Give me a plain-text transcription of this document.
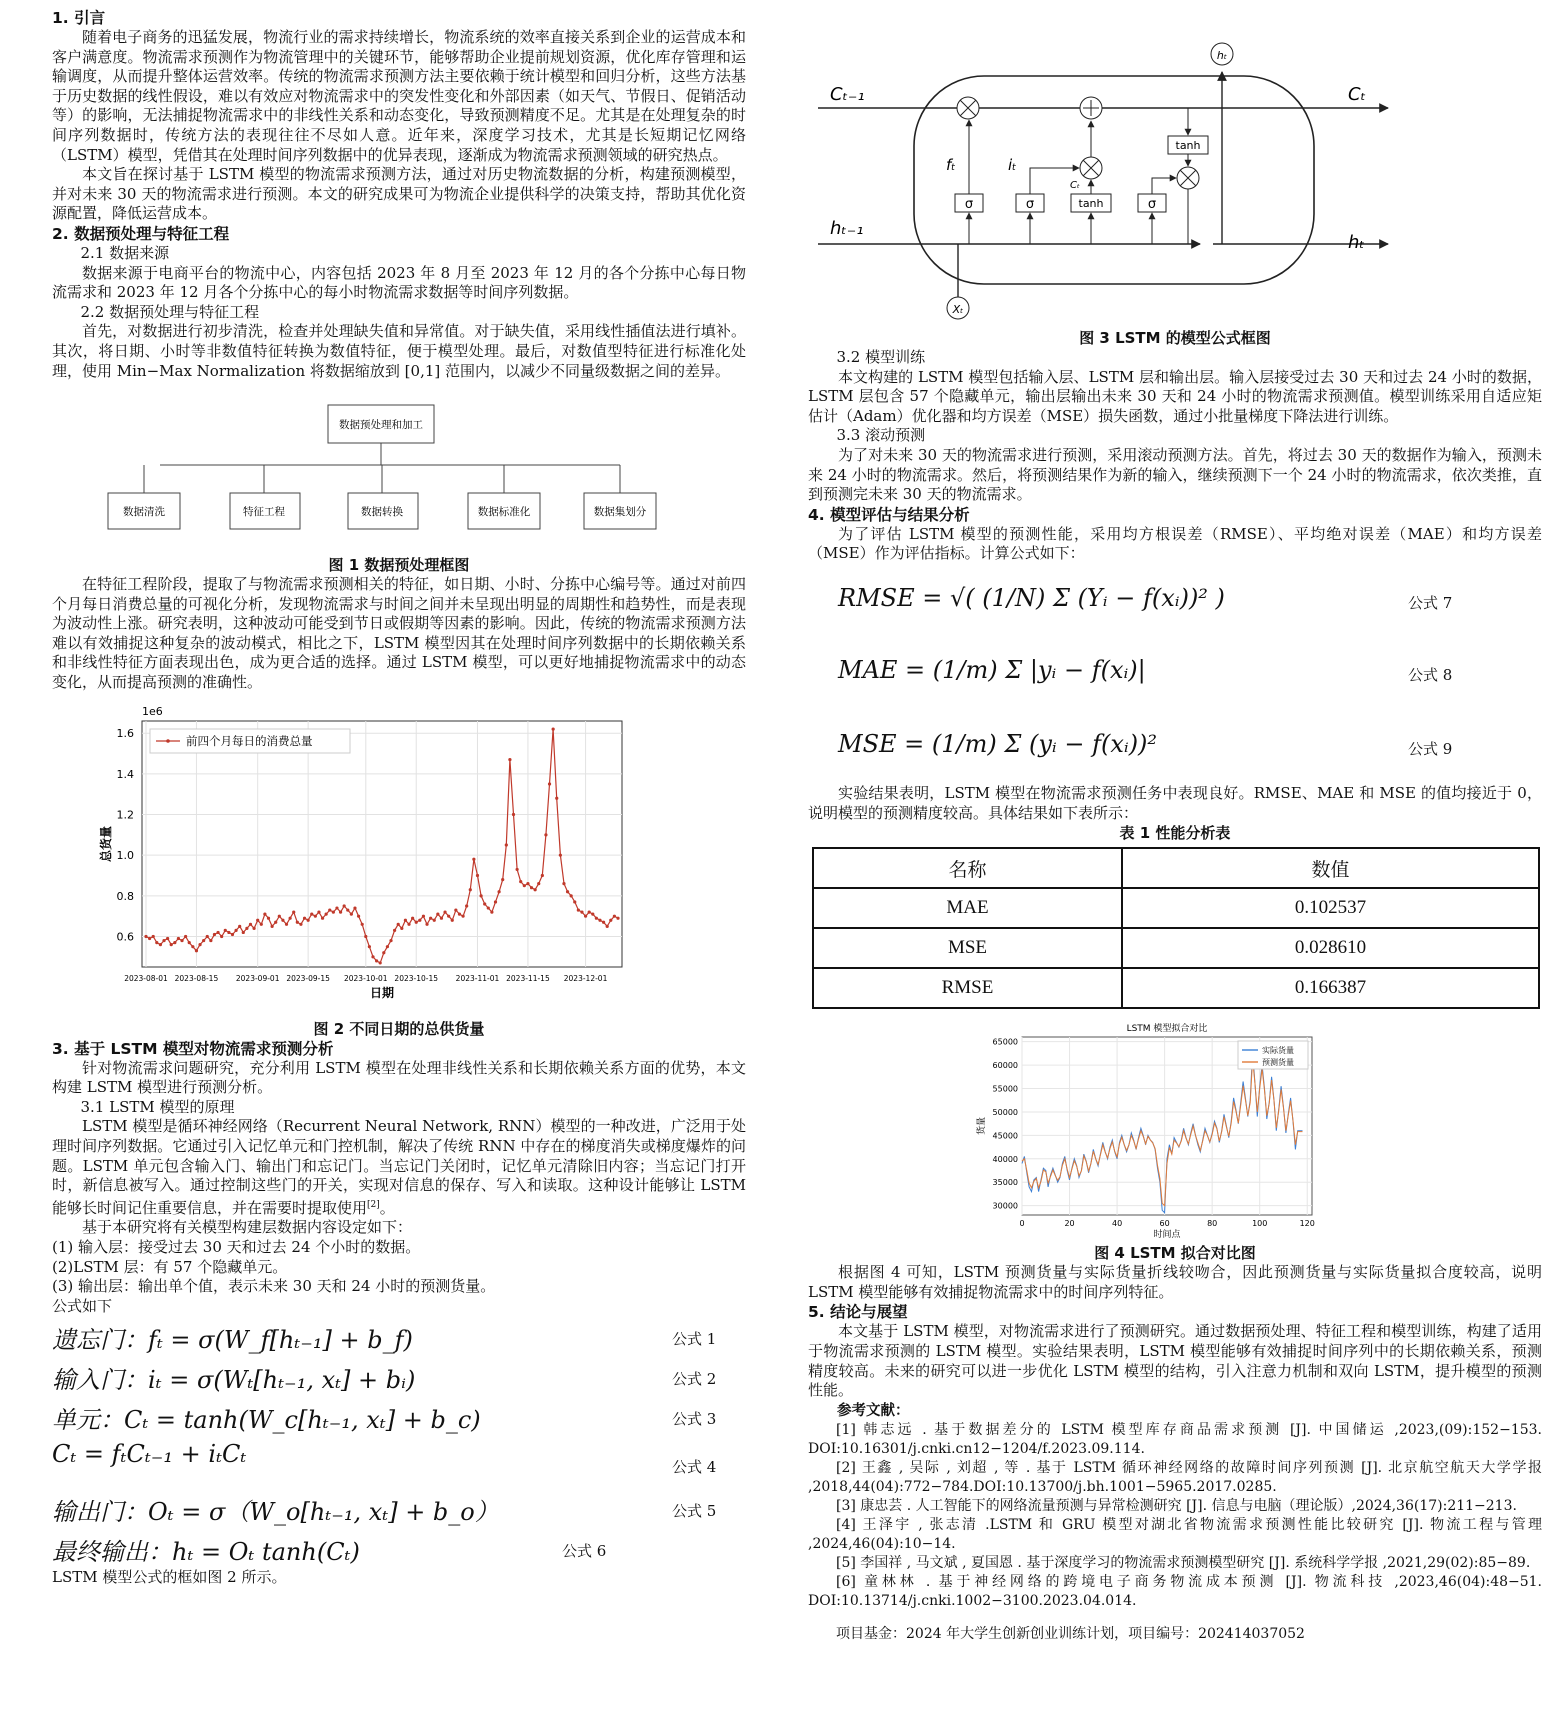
1. 引言

随着电子商务的迅猛发展，物流行业的需求持续增长，物流系统的效率直接关系到企业的运营成本和客户满意度。物流需求预测作为物流管理中的关键环节，能够帮助企业提前规划资源，优化库存管理和运输调度，从而提升整体运营效率。传统的物流需求预测方法主要依赖于统计模型和回归分析，这些方法基于历史数据的线性假设，难以有效应对物流需求中的突发性变化和外部因素（如天气、节假日、促销活动等）的影响，无法捕捉物流需求中的非线性关系和动态变化，导致预测精度不足。尤其是在处理复杂的时间序列数据时，传统方法的表现往往不尽如人意。近年来，深度学习技术，尤其是长短期记忆网络（LSTM）模型，凭借其在处理时间序列数据中的优异表现，逐渐成为物流需求预测领域的研究热点。

本文旨在探讨基于 LSTM 模型的物流需求预测方法，通过对历史物流数据的分析，构建预测模型，并对未来 30 天的物流需求进行预测。本文的研究成果可为物流企业提供科学的决策支持，帮助其优化资源配置，降低运营成本。

2. 数据预处理与特征工程
2.1 数据来源

数据来源于电商平台的物流中心，内容包括 2023 年 8 月至 2023 年 12 月的各个分拣中心每日物流需求和 2023 年 12 月各个分拣中心的每小时物流需求数据等时间序列数据。

2.2 数据预处理与特征工程

首先，对数据进行初步清洗，检查并处理缺失值和异常值。对于缺失值，采用线性插值法进行填补。其次，将日期、小时等非数值特征转换为数值特征，便于模型处理。最后，对数值型特征进行标准化处理，使用 Min−Max Normalization 将数据缩放到 [0,1] 范围内，以减少不同量级数据之间的差异。

数据预处理和加工
数据清洗	特征工程	数据转换	数据标准化	数据集划分
图 1 数据预处理框图

在特征工程阶段，提取了与物流需求预测相关的特征，如日期、小时、分拣中心编号等。通过对前四个月每日消费总量的可视化分析，发现物流需求与时间之间并未呈现出明显的周期性和趋势性，而是表现为波动性上涨。研究表明，这种波动可能受到节日或假期等因素的影响。因此，传统的物流需求预测方法难以有效捕捉这种复杂的波动模式，相比之下，LSTM 模型因其在处理时间序列数据中的长期依赖关系和非线性特征方面表现出色，成为更合适的选择。通过 LSTM 模型，可以更好地捕捉物流需求中的动态变化，从而提高预测的准确性。

0.6
0.8
1.0
1.2
1.4
1.6
2023-08-01 2023-08-15 2023-09-01 2023-09-15 2023-10-01 2023-10-15 2023-11-01 2023-11-15 2023-12-01
1e6
日期
总货量
前四个月每日的消费总量
图 2 不同日期的总供货量
3. 基于 LSTM 模型对物流需求预测分析

针对物流需求问题研究，充分利用 LSTM 模型在处理非线性关系和长期依赖关系方面的优势，本文构建 LSTM 模型进行预测分析。

3.1 LSTM 模型的原理

LSTM 模型是循环神经网络（Recurrent Neural Network, RNN）模型的一种改进，广泛用于处理时间序列数据。它通过引入记忆单元和门控机制，解决了传统 RNN 中存在的梯度消失或梯度爆炸的问题。LSTM 单元包含输入门、输出门和忘记门。当忘记门关闭时，记忆单元清除旧内容；当忘记门打开时，新信息被写入。通过控制这些门的开关，实现对信息的保存、写入和读取。这种设计能够让 LSTM 能够长时间记住重要信息，并在需要时提取使用[2]。

基于本研究将有关模型构建层数据内容设定如下：

(1) 输入层：接受过去 30 天和过去 24 个小时的数据。

(2)LSTM 层：有 57 个隐藏单元。

(3) 输出层：输出单个值，表示未来 30 天和 24 小时的预测货量。

公式如下

遗忘门：fₜ = σ(W_f[hₜ₋₁] + b_f)	公式 1
输入门：iₜ = σ(Wₜ[hₜ₋₁, xₜ] + bᵢ)	公式 2
单元：Cₜ = tanh(W_c[hₜ₋₁, xₜ] + b_c)	公式 3
Cₜ = fₜCₜ₋₁ + iₜCₜ	公式 4
输出门：Oₜ = σ（W_o[hₜ₋₁, xₜ] + b_o）	公式 5
最终输出：hₜ = Oₜ tanh(Cₜ)	公式 6

LSTM 模型公式的框如图 2 所示。

Cₜ₋₁	Cₜ
hₜ₋₁
hₜ
hₜ
Xₜ
tanh
σ
fₜ
σ
iₜ
tanh
Cₜ
σ
图 3 LSTM 的模型公式框图
3.2 模型训练

本文构建的 LSTM 模型包括输入层、LSTM 层和输出层。输入层接受过去 30 天和过去 24 小时的数据，LSTM 层包含 57 个隐藏单元，输出层输出未来 30 天和 24 小时的物流需求预测值。模型训练采用自适应矩估计（Adam）优化器和均方误差（MSE）损失函数，通过小批量梯度下降法进行训练。

3.3 滚动预测

为了对未来 30 天的物流需求进行预测，采用滚动预测方法。首先，将过去 30 天的数据作为输入，预测未来 24 小时的物流需求。然后，将预测结果作为新的输入，继续预测下一个 24 小时的物流需求，依次类推，直到预测完未来 30 天的物流需求。

4. 模型评估与结果分析

为了评估 LSTM 模型的预测性能，采用均方根误差（RMSE）、平均绝对误差（MAE）和均方误差（MSE）作为评估指标。计算公式如下：

RMSE = √( (1/N) Σ (Yᵢ − f(xᵢ))² )	公式 7
MAE = (1/m) Σ |yᵢ − f(xᵢ)|	公式 8
MSE = (1/m) Σ (yᵢ − f(xᵢ))²	公式 9

实验结果表明，LSTM 模型在物流需求预测任务中表现良好。RMSE、MAE 和 MSE 的值均接近于 0，说明模型的预测精度较高。具体结果如下表所示：

表 1 性能分析表
名称	数值
MAE	0.102537
MSE	0.028610
RMSE	0.166387
30000
35000
40000
45000
50000
55000
60000
65000
0	20	40	60	80	100	120
LSTM 模型拟合对比
时间点
货量
实际货量
预测货量
图 4 LSTM 拟合对比图

根据图 4 可知，LSTM 预测货量与实际货量折线较吻合，因此预测货量与实际货量拟合度较高，说明 LSTM 模型能够有效捕捉物流需求中的时间序列特征。

5. 结论与展望

本文基于 LSTM 模型，对物流需求进行了预测研究。通过数据预处理、特征工程和模型训练，构建了适用于物流需求预测的 LSTM 模型。实验结果表明，LSTM 模型能够有效捕捉时间序列中的长期依赖关系，预测精度较高。未来的研究可以进一步优化 LSTM 模型的结构，引入注意力机制和双向 LSTM，提升模型的预测性能。

参考文献：

[1] 韩志远 . 基于数据差分的 LSTM 模型库存商品需求预测 [J]. 中国储运 ,2023,(09):152−153. DOI:10.16301/j.cnki.cn12−1204/f.2023.09.114.

[2] 王鑫 , 吴际 , 刘超 , 等 . 基于 LSTM 循环神经网络的故障时间序列预测 [J]. 北京航空航天大学学报 ,2018,44(04):772−784.DOI:10.13700/j.bh.1001−5965.2017.0285.

[3] 康忠芸 . 人工智能下的网络流量预测与异常检测研究 [J]. 信息与电脑（理论版）,2024,36(17):211−213.

[4] 王泽宇 , 张志清 .LSTM 和 GRU 模型对湖北省物流需求预测性能比较研究 [J]. 物流工程与管理 ,2024,46(04):10−14.

[5] 李国祥 , 马文斌 , 夏国恩 . 基于深度学习的物流需求预测模型研究 [J]. 系统科学学报 ,2021,29(02):85−89.

[6] 童林林 . 基于神经网络的跨境电子商务物流成本预测 [J]. 物流科技 ,2023,46(04):48−51. DOI:10.13714/j.cnki.1002−3100.2023.04.014.

项目基金：2024 年大学生创新创业训练计划，项目编号：202414037052
